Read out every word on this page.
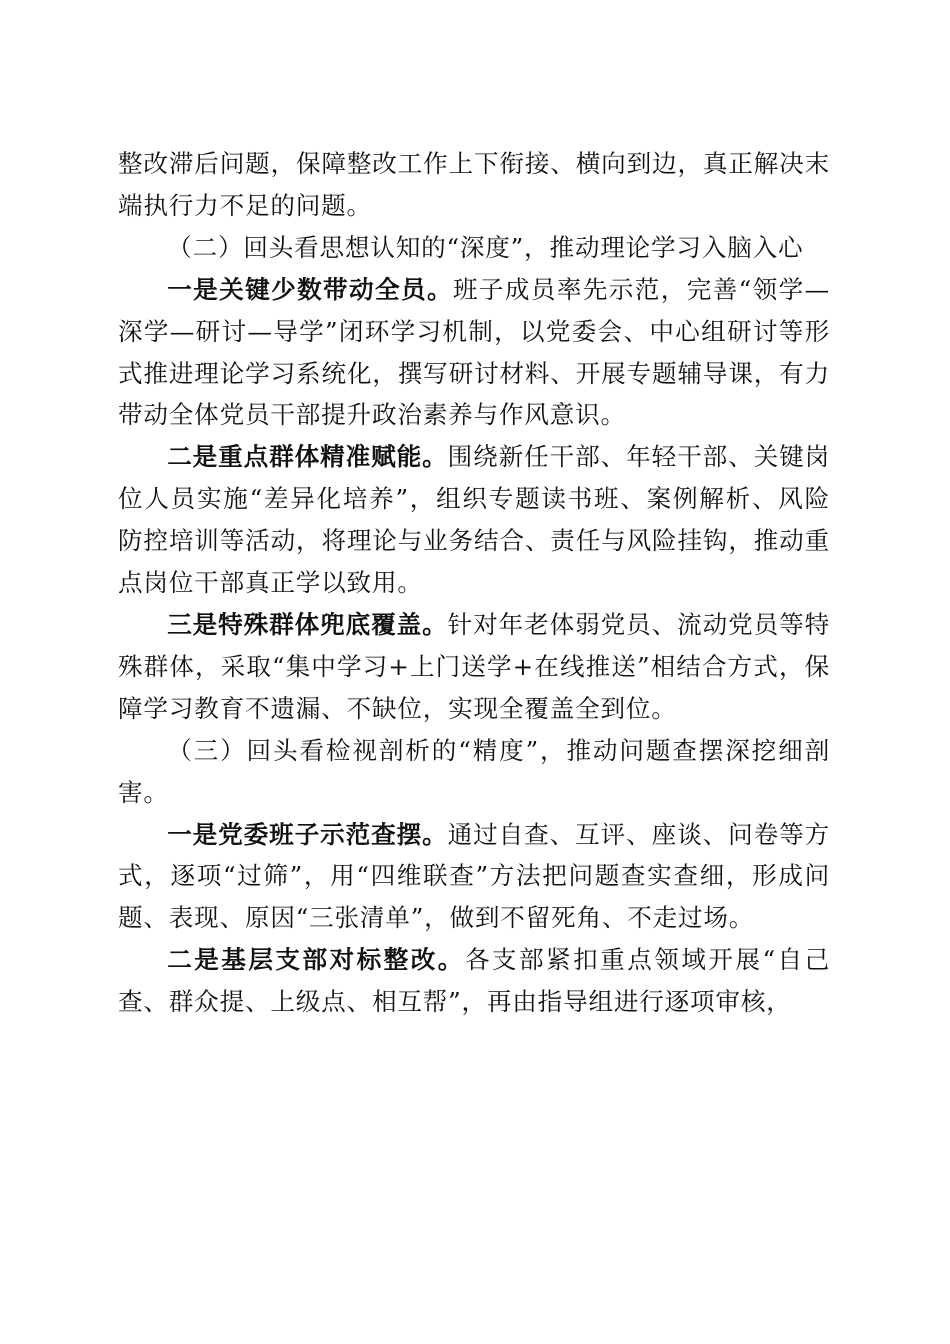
整改滞后问题，保障整改工作上下衔接、横向到边，真正解决末端执行力不足的问题。

（二）回头看思想认知的“深度”，推动理论学习入脑入心

一是关键少数带动全员。班子成员率先示范，完善“领学—深学—研讨—导学”闭环学习机制，以党委会、中心组研讨等形式推进理论学习系统化，撰写研讨材料、开展专题辅导课，有力带动全体党员干部提升政治素养与作风意识。

二是重点群体精准赋能。围绕新任干部、年轻干部、关键岗位人员实施“差异化培养”，组织专题读书班、案例解析、风险防控培训等活动，将理论与业务结合、责任与风险挂钩，推动重点岗位干部真正学以致用。

三是特殊群体兜底覆盖。针对年老体弱党员、流动党员等特殊群体，采取“集中学习+上门送学+在线推送”相结合方式，保障学习教育不遗漏、不缺位，实现全覆盖全到位。

（三）回头看检视剖析的“精度”，推动问题查摆深挖细剖害。

一是党委班子示范查摆。通过自查、互评、座谈、问卷等方式，逐项“过筛”，用“四维联查”方法把问题查实查细，形成问题、表现、原因“三张清单”，做到不留死角、不走过场。

二是基层支部对标整改。各支部紧扣重点领域开展“自己查、群众提、上级点、相互帮”，再由指导组进行逐项审核，
